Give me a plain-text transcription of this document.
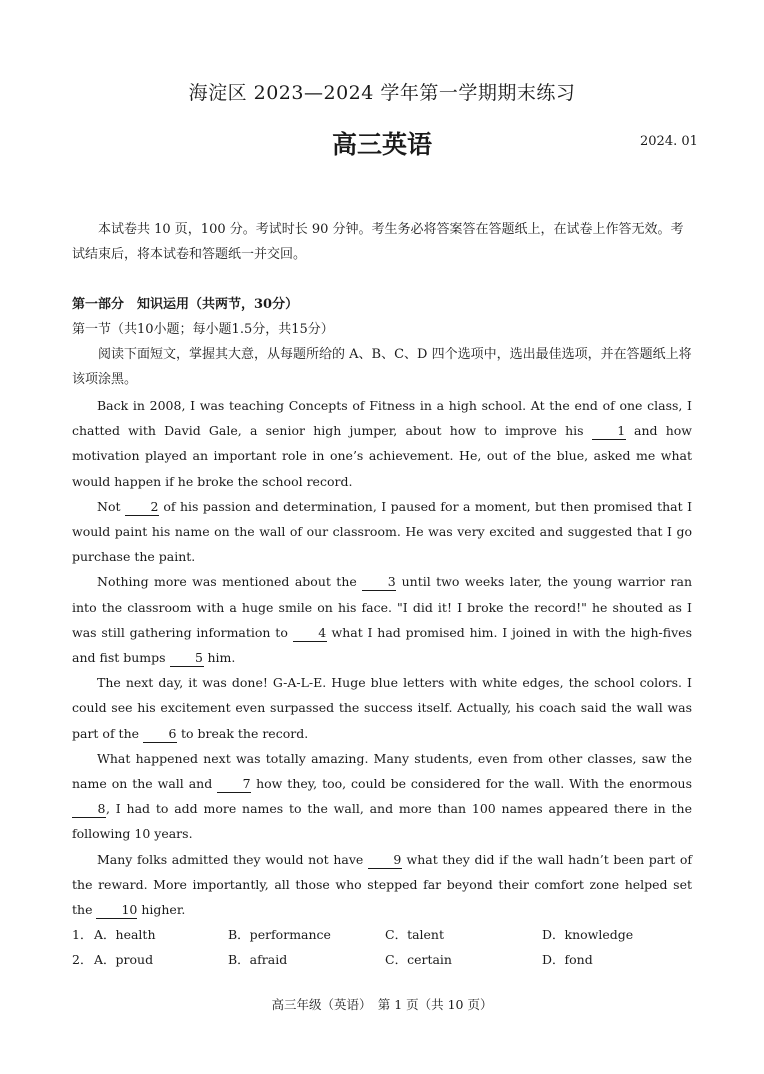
海淀区 2023—2024 学年第一学期期末练习
高三英语	2024. 01
本试卷共 10 页，100 分。考试时长 90 分钟。考生务必将答案答在答题纸上，在试卷上作答无效。考试结束后，将本试卷和答题纸一并交回。
第一部分　知识运用（共两节，30分）
第一节（共10小题；每小题1.5分，共15分）
阅读下面短文，掌握其大意，从每题所给的 A、B、C、D 四个选项中，选出最佳选项，并在答题纸上将该项涂黑。

Back in 2008, I was teaching Concepts of Fitness in a high school. At the end of one class, I chatted with David Gale, a senior high jumper, about how to improve his 1 and how motivation played an important role in one’s achievement. He, out of the blue, asked me what would happen if he broke the school record.

Not 2 of his passion and determination, I paused for a moment, but then promised that I would paint his name on the wall of our classroom. He was very excited and suggested that I go purchase the paint.

Nothing more was mentioned about the 3 until two weeks later, the young warrior ran into the classroom with a huge smile on his face. "I did it! I broke the record!" he shouted as I was still gathering information to 4 what I had promised him. I joined in with the high-fives and fist bumps 5 him.

The next day, it was done! G-A-L-E. Huge blue letters with white edges, the school colors. I could see his excitement even surpassed the success itself. Actually, his coach said the wall was part of the 6 to break the record.

What happened next was totally amazing. Many students, even from other classes, saw the name on the wall and 7 how they, too, could be considered for the wall. With the enormous 8, I had to add more names to the wall, and more than 100 names appeared there in the following 10 years.

Many folks admitted they would not have 9 what they did if the wall hadn’t been part of the reward. More importantly, all those who stepped far beyond their comfort zone helped set the 10 higher.

1． A．health	B．performance	C．talent	D．knowledge
2． A．proud	B．afraid	C．certain	D．fond
高三年级（英语）　第 1 页（共 10 页）
